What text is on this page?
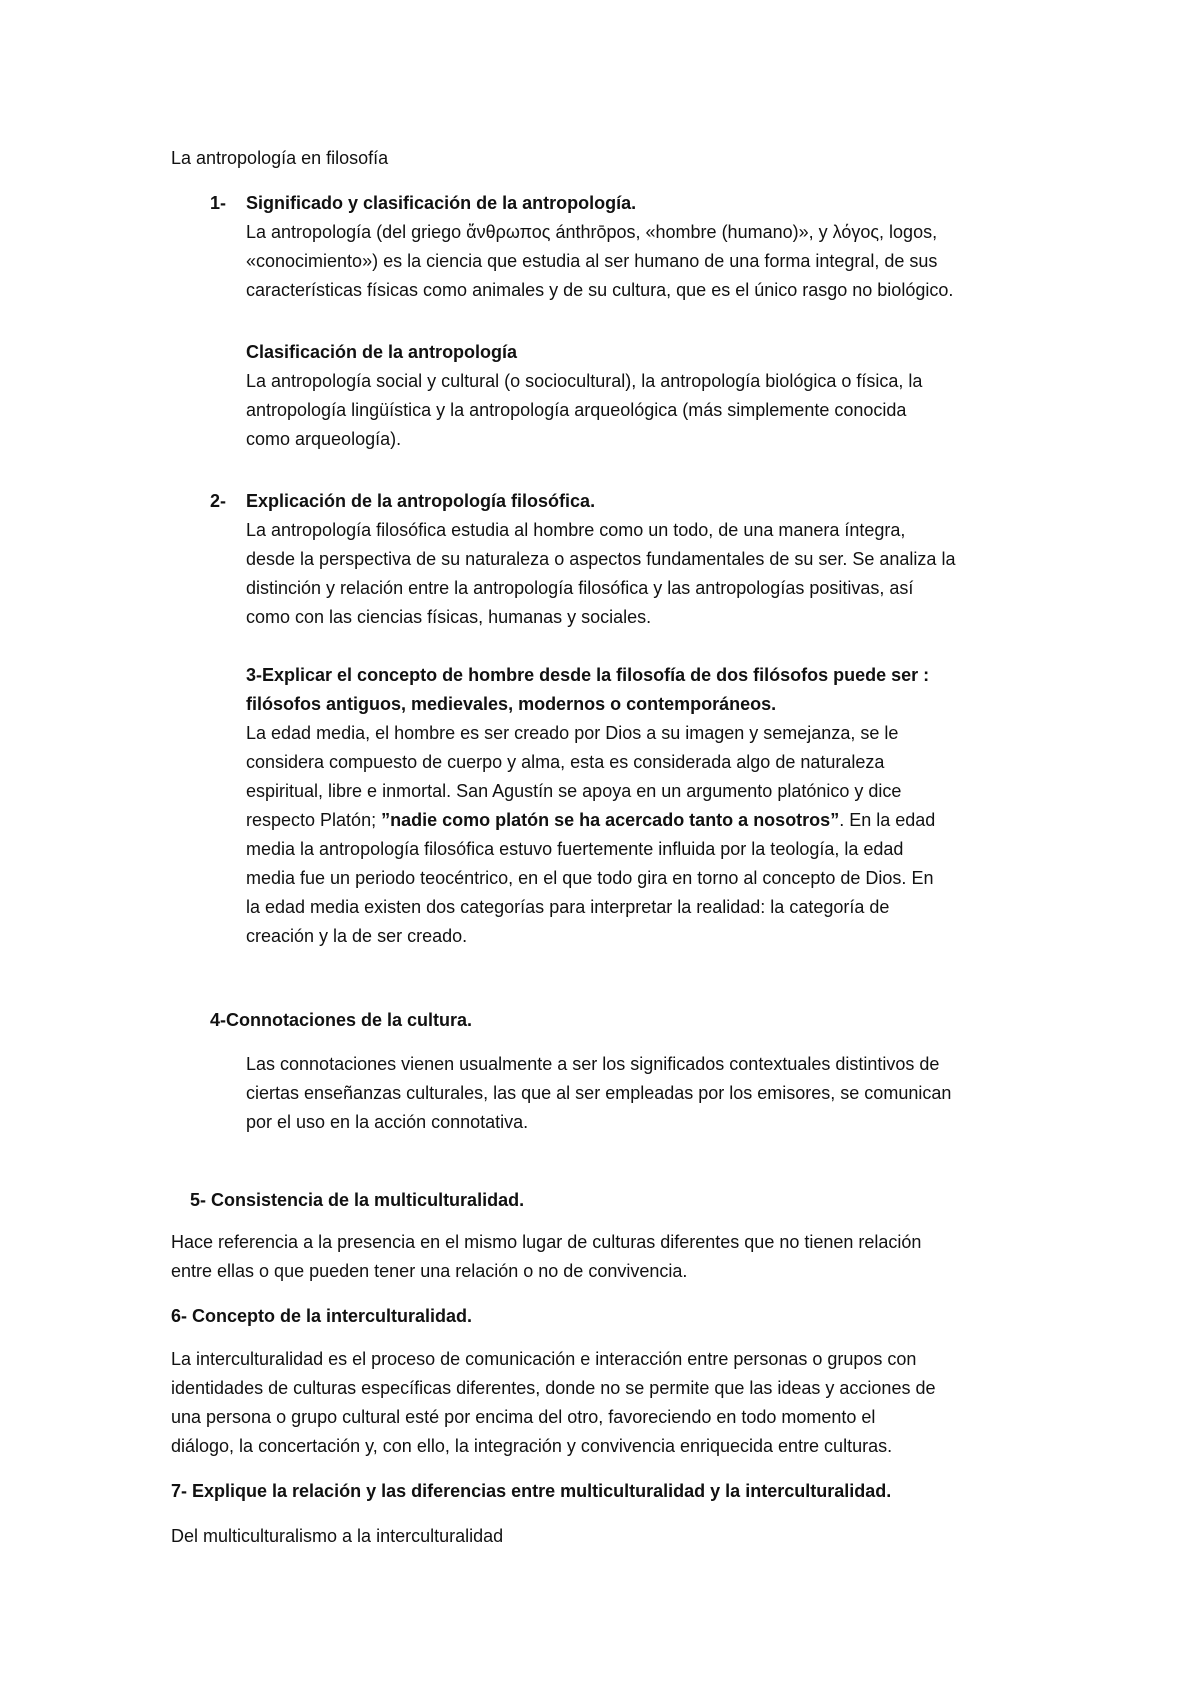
La antropología en filosofía
1- Significado y clasificación de la antropología.
La antropología (del griego ἄνθρωπος ánthrōpos, «hombre (humano)», y λόγος, logos,
«conocimiento») es la ciencia que estudia al ser humano de una forma integral, de sus
características físicas como animales y de su cultura, que es el único rasgo no biológico.
Clasificación de la antropología
La antropología social y cultural (o sociocultural), la antropología biológica o física, la
antropología lingüística y la antropología arqueológica (más simplemente conocida
como arqueología).
2- Explicación de la antropología filosófica.
La antropología filosófica estudia al hombre como un todo, de una manera íntegra,
desde la perspectiva de su naturaleza o aspectos fundamentales de su ser. Se analiza la
distinción y relación entre la antropología filosófica y las antropologías positivas, así
como con las ciencias físicas, humanas y sociales.
3-Explicar el concepto de hombre desde la filosofía de dos filósofos puede ser :
filósofos antiguos, medievales, modernos o contemporáneos.
La edad media, el hombre es ser creado por Dios a su imagen y semejanza, se le
considera compuesto de cuerpo y alma, esta es considerada algo de naturaleza
espiritual, libre e inmortal. San Agustín se apoya en un argumento platónico y dice
respecto Platón; ”nadie como platón se ha acercado tanto a nosotros”. En la edad
media la antropología filosófica estuvo fuertemente influida por la teología, la edad
media fue un periodo teocéntrico, en el que todo gira en torno al concepto de Dios. En
la edad media existen dos categorías para interpretar la realidad: la categoría de
creación y la de ser creado.
4-Connotaciones de la cultura.
Las connotaciones vienen usualmente a ser los significados contextuales distintivos de
ciertas enseñanzas culturales, las que al ser empleadas por los emisores, se comunican
por el uso en la acción connotativa.
5- Consistencia de la multiculturalidad.
Hace referencia a la presencia en el mismo lugar de culturas diferentes que no tienen relación
entre ellas o que pueden tener una relación o no de convivencia.
6- Concepto de la interculturalidad.
La interculturalidad es el proceso de comunicación e interacción entre personas o grupos con
identidades de culturas específicas diferentes, donde no se permite que las ideas y acciones de
una persona o grupo cultural esté por encima del otro, favoreciendo en todo momento el
diálogo, la concertación y, con ello, la integración y convivencia enriquecida entre culturas.
7- Explique la relación y las diferencias entre multiculturalidad y la interculturalidad.
Del multiculturalismo a la interculturalidad
